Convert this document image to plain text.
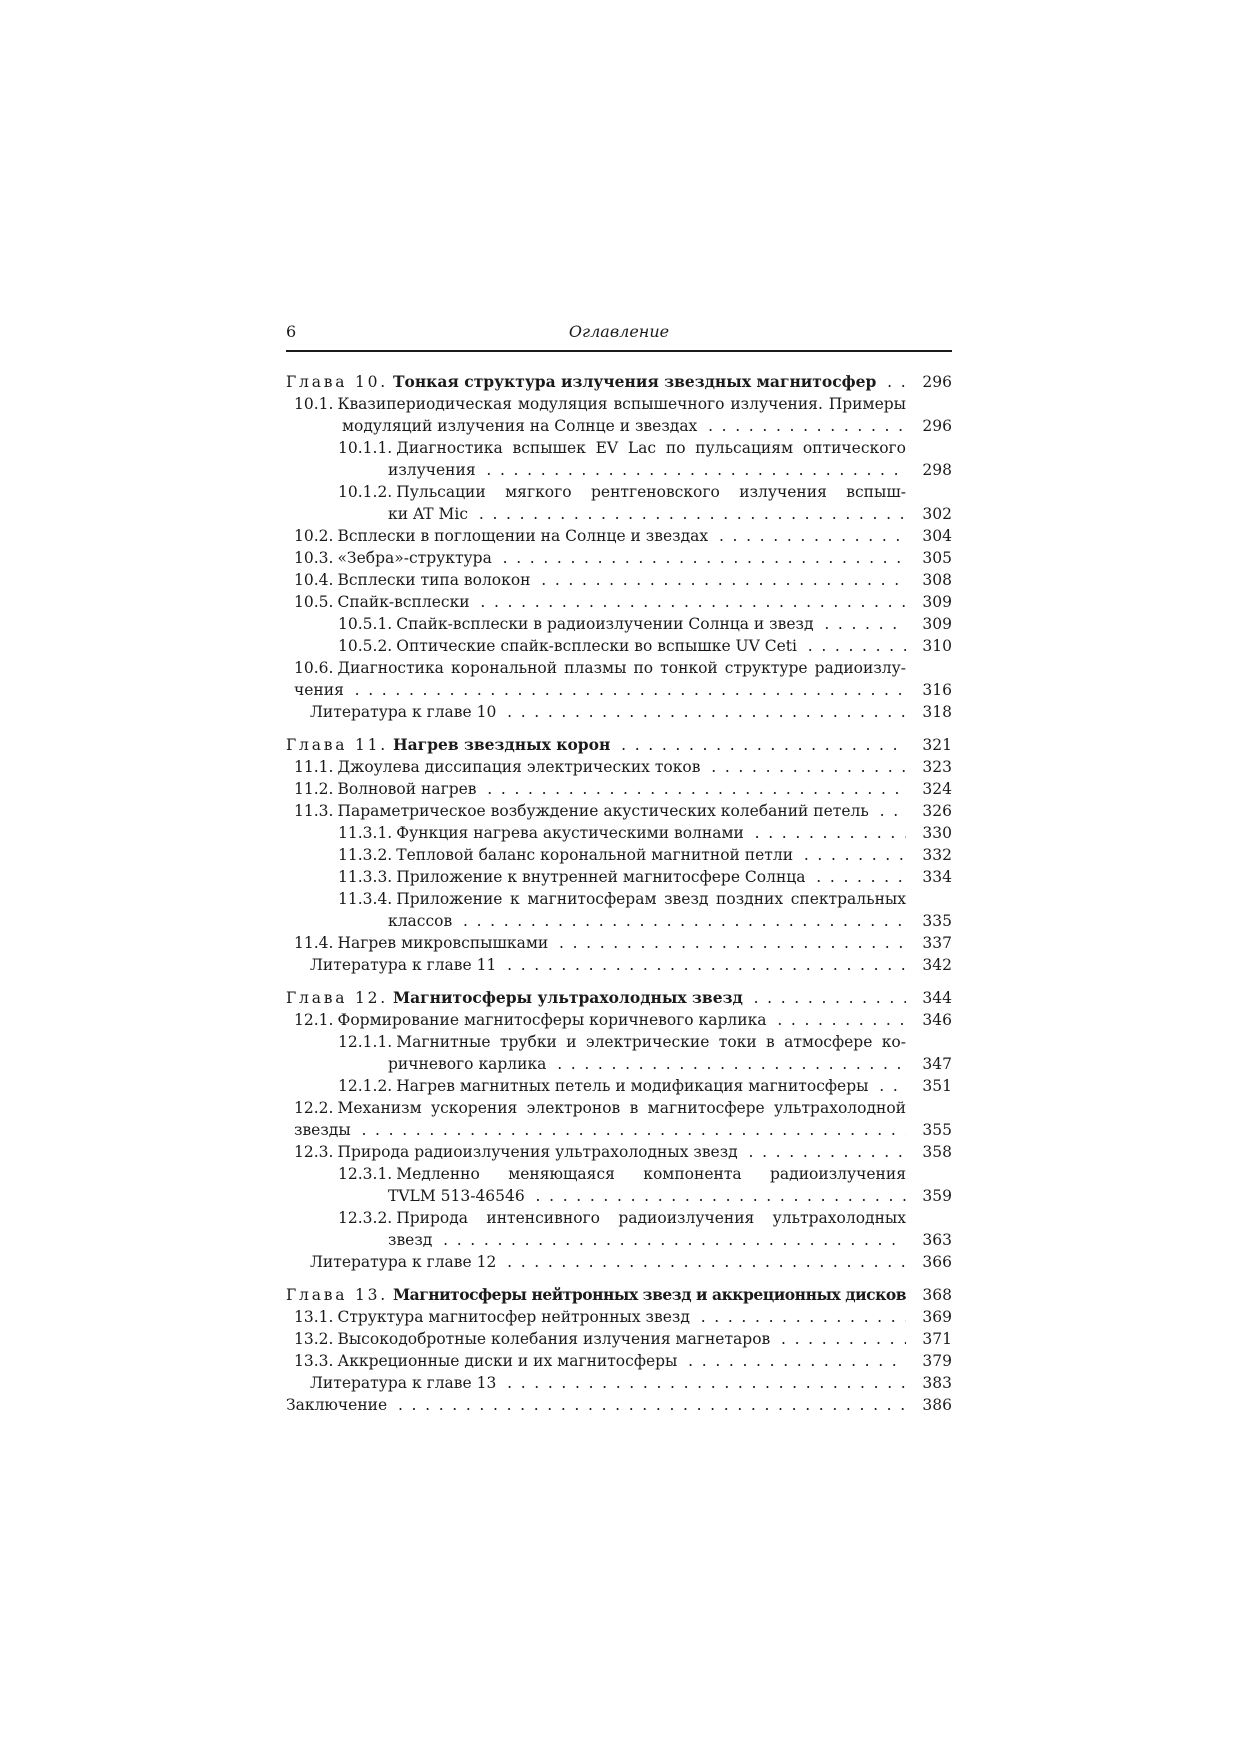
6	Оглавление
Глава 10. Тонкая структура излучения звездных магнитосфер . . .	296
10.1. Квазипериодическая модуляция вспышечного излучения. Примеры
модуляций излучения на Солнце и звездах . . .	296
10.1.1. Диагностика вспышек EV Lac по пульсациям оптического
излучения . . .	298
10.1.2. Пульсации мягкого рентгеновского излучения вспыш-
ки AT Mic . . .	302
10.2. Всплески в поглощении на Солнце и звездах . . .	304
10.3. «Зебра»-структура . . .	305
10.4. Всплески типа волокон . . .	308
10.5. Спайк-всплески . . .	309
10.5.1. Спайк-всплески в радиоизлучении Солнца и звезд . . .	309
10.5.2. Оптические спайк-всплески во вспышке UV Ceti . . .	310
10.6. Диагностика корональной плазмы по тонкой структуре радиоизлу-
чения . . .	316
Литература к главе 10 . . .	318
Глава 11. Нагрев звездных корон . . .	321
11.1. Джоулева диссипация электрических токов . . .	323
11.2. Волновой нагрев . . .	324
11.3. Параметрическое возбуждение акустических колебаний петель . . .	326
11.3.1. Функция нагрева акустическими волнами . . .	330
11.3.2. Тепловой баланс корональной магнитной петли . . .	332
11.3.3. Приложение к внутренней магнитосфере Солнца . . .	334
11.3.4. Приложение к магнитосферам звезд поздних спектральных
классов . . .	335
11.4. Нагрев микровспышками . . .	337
Литература к главе 11 . . .	342
Глава 12. Магнитосферы ультрахолодных звезд . . .	344
12.1. Формирование магнитосферы коричневого карлика . . .	346
12.1.1. Магнитные трубки и электрические токи в атмосфере ко-
ричневого карлика . . .	347
12.1.2. Нагрев магнитных петель и модификация магнитосферы . . .	351
12.2. Механизм ускорения электронов в магнитосфере ультрахолодной
звезды . . .	355
12.3. Природа радиоизлучения ультрахолодных звезд . . .	358
12.3.1. Медленно меняющаяся компонента радиоизлучения
TVLM 513-46546 . . .	359
12.3.2. Природа интенсивного радиоизлучения ультрахолодных
звезд . . .	363
Литература к главе 12 . . .	366
Глава 13. Магнитосферы нейтронных звезд и аккреционных дисков . . .	368
13.1. Структура магнитосфер нейтронных звезд . . .	369
13.2. Высокодобротные колебания излучения магнетаров . . .	371
13.3. Аккреционные диски и их магнитосферы . . .	379
Литература к главе 13 . . .	383
Заключение . . .	386
